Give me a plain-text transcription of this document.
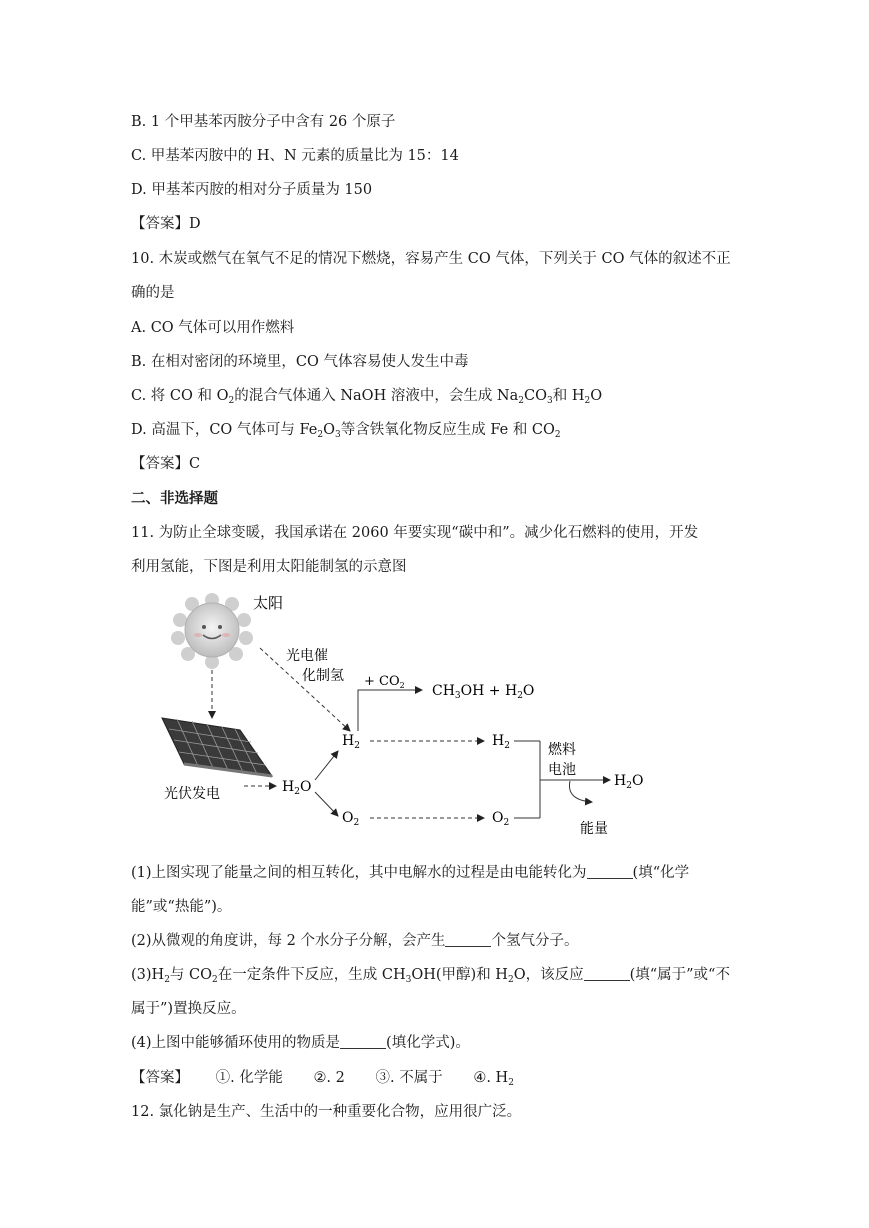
B. 1 个甲基苯丙胺分子中含有 26 个原子
C. 甲基苯丙胺中的 H、N 元素的质量比为 15：14
D. 甲基苯丙胺的相对分子质量为 150
【答案】D
10. 木炭或燃气在氧气不足的情况下燃烧，容易产生 CO 气体，下列关于 CO 气体的叙述不正
确的是
A. CO 气体可以用作燃料
B. 在相对密闭的环境里，CO 气体容易使人发生中毒
C. 将 CO 和 $O_2$的混合气体通入 NaOH 溶液中，会生成 $Na_2CO_3$和 $H_2O$
D. 高温下，CO 气体可与 $Fe_2O_3$等含铁氧化物反应生成 Fe 和 $CO_2$
【答案】C
二、非选择题
11. 为防止全球变暖，我国承诺在 2060 年要实现“碳中和”。减少化石燃料的使用，开发
利用氢能，下图是利用太阳能制氢的示意图
太阳
光电催
化制氢
光伏发电	$H_2O$
$H_2$
$O_2$
+ $CO_2$ $CH_3OH + H_2O$
$H_2$
$O_2$
燃料
电池
$H_2O$
能量
(1)上图实现了能量之间的相互转化，其中电解水的过程是由电能转化为	(填“化学
能”或“热能”)。
(2)从微观的角度讲，每 2 个水分子分解，会产生	个氢气分子。
$(3)H_2$与 $CO_2$在一定条件下反应，生成 $CH_3OH$(甲醇)和 $H_2O$，该反应	(填“属于”或“不
属于”)置换反应。
(4)上图中能够循环使用的物质是	(填化学式)。
【答案】 ①. 化学能 ②. 2 ③. 不属于 ④. $H_2$
12. 氯化钠是生产、生活中的一种重要化合物，应用很广泛。
